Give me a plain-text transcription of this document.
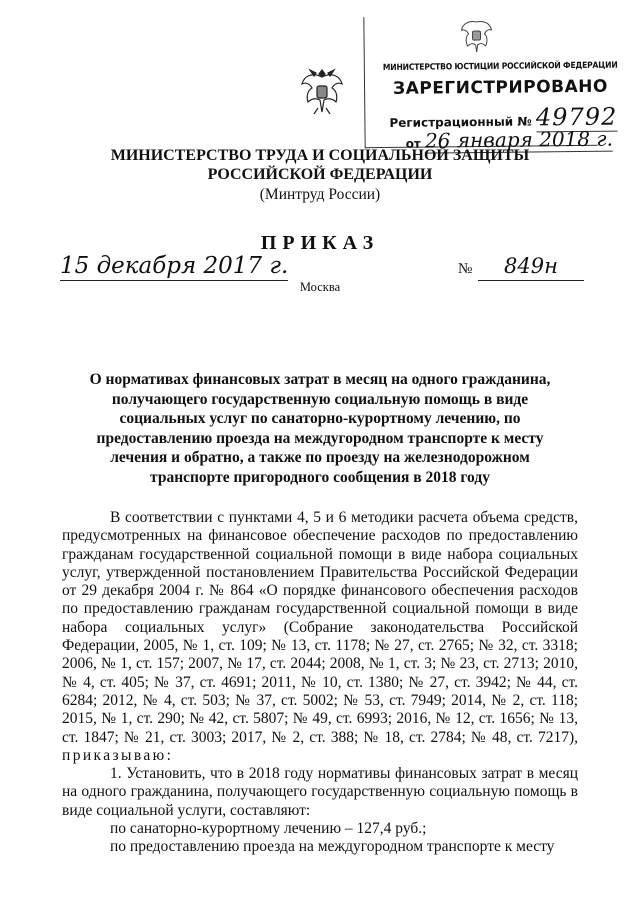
МИНИСТЕРСТВО ЮСТИЦИИ РОССИЙСКОЙ ФЕДЕРАЦИИ
ЗАРЕГИСТРИРОВАНО
Регистрационный № 49792
от 26 января 2018 г.
МИНИСТЕРСТВО ТРУДА И СОЦИАЛЬНОЙ ЗАЩИТЫ
РОССИЙСКОЙ ФЕДЕРАЦИИ
(Минтруд России)
ПРИКАЗ
15 декабря 2017 г.	№	849н
Москва
О нормативах финансовых затрат в месяц на одного гражданина, получающего государственную социальную помощь в виде социальных услуг по санаторно-курортному лечению, по предоставлению проезда на междугородном транспорте к месту лечения и обратно, а также по проезду на железнодорожном транспорте пригородного сообщения в 2018 году

В соответствии с пунктами 4, 5 и 6 методики расчета объема средств, предусмотренных на финансовое обеспечение расходов по предоставлению гражданам государственной социальной помощи в виде набора социальных услуг, утвержденной постановлением Правительства Российской Федерации от 29 декабря 2004 г. № 864 «О порядке финансового обеспечения расходов по предоставлению гражданам государственной социальной помощи в виде набора социальных услуг» (Собрание законодательства Российской Федерации, 2005, № 1, ст. 109; № 13, ст. 1178; № 27, ст. 2765; № 32, ст. 3318; 2006, № 1, ст. 157; 2007, № 17, ст. 2044; 2008, № 1, ст. 3; № 23, ст. 2713; 2010, № 4, ст. 405; № 37, ст. 4691; 2011, № 10, ст. 1380; № 27, ст. 3942; № 44, ст. 6284; 2012, № 4, ст. 503; № 37, ст. 5002; № 53, ст. 7949; 2014, № 2, ст. 118; 2015, № 1, ст. 290; № 42, ст. 5807; № 49, ст. 6993; 2016, № 12, ст. 1656; № 13, ст. 1847; № 21, ст. 3003; 2017, № 2, ст. 388; № 18, ст. 2784; № 48, ст. 7217), приказываю:

1. Установить, что в 2018 году нормативы финансовых затрат в месяц на одного гражданина, получающего государственную социальную помощь в виде социальной услуги, составляют:

по санаторно-курортному лечению – 127,4 руб.;

по предоставлению проезда на междугородном транспорте к месту
